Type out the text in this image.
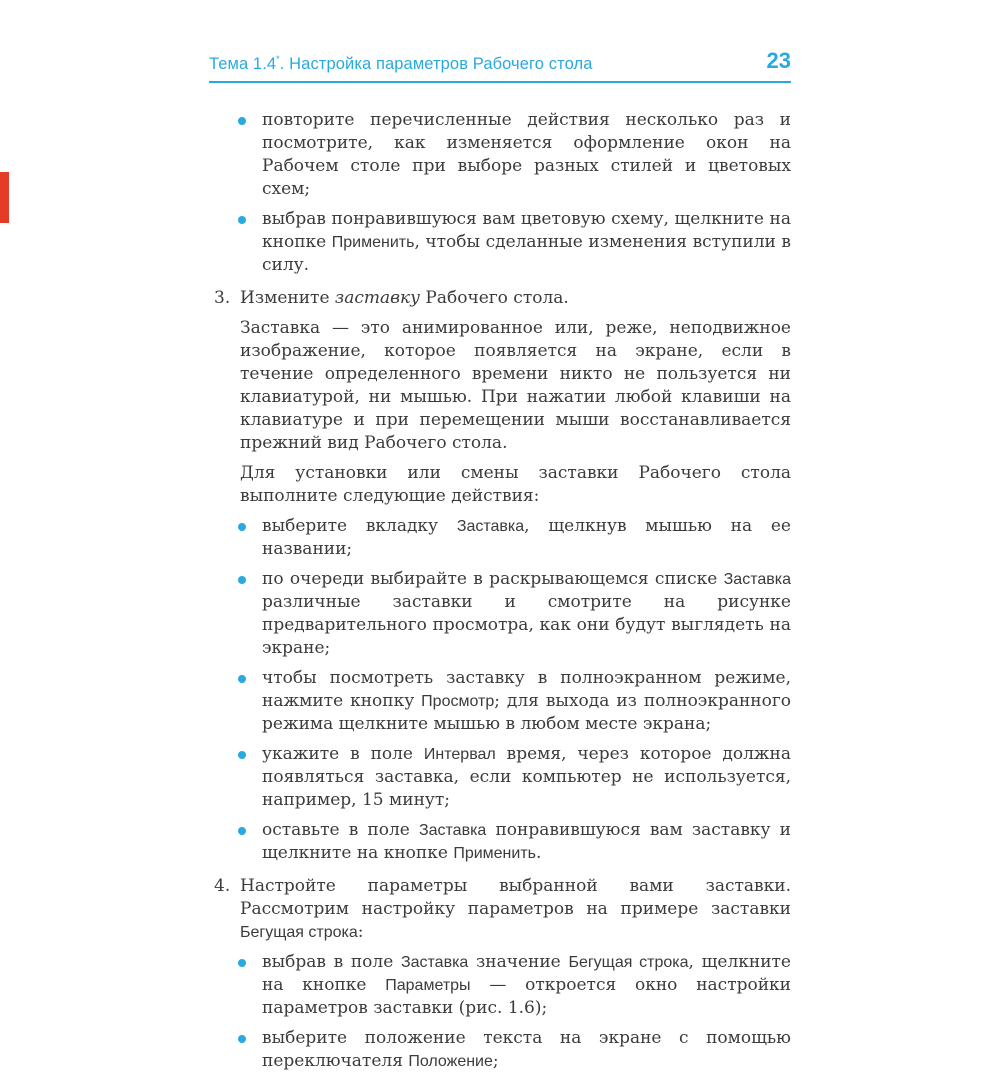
Тема 1.4*. Настройка параметров Рабочего стола	23
повторите перечисленные действия несколько раз и посмотрите, как изменяется оформление окон на Рабочем столе при выборе разных стилей и цветовых схем;
выбрав понравившуюся вам цветовую схему, щелкните на кнопке Применить, чтобы сделанные изменения вступили в силу.
3. Измените заставку Рабочего стола.
Заставка — это анимированное или, реже, неподвижное изображение, которое появляется на экране, если в течение определенного времени никто не пользуется ни клавиатурой, ни мышью. При нажатии любой клавиши на клавиатуре и при перемещении мыши восстанавливается прежний вид Рабочего стола.
Для установки или смены заставки Рабочего стола выполните следующие действия:
выберите вкладку Заставка, щелкнув мышью на ее названии;
по очереди выбирайте в раскрывающемся списке Заставка различные заставки и смотрите на рисунке предварительного просмотра, как они будут выглядеть на экране;
чтобы посмотреть заставку в полноэкранном режиме, нажмите кнопку Просмотр; для выхода из полноэкранного режима щелкните мышью в любом месте экрана;
укажите в поле Интервал время, через которое должна появляться заставка, если компьютер не используется, например, 15 минут;
оставьте в поле Заставка понравившуюся вам заставку и щелкните на кнопке Применить.
4. Настройте параметры выбранной вами заставки. Рассмотрим настройку параметров на примере заставки Бегущая строка:
выбрав в поле Заставка значение Бегущая строка, щелкните на кнопке Параметры — откроется окно настройки параметров заставки (рис. 1.6);
выберите положение текста на экране с помощью переключателя Положение;
